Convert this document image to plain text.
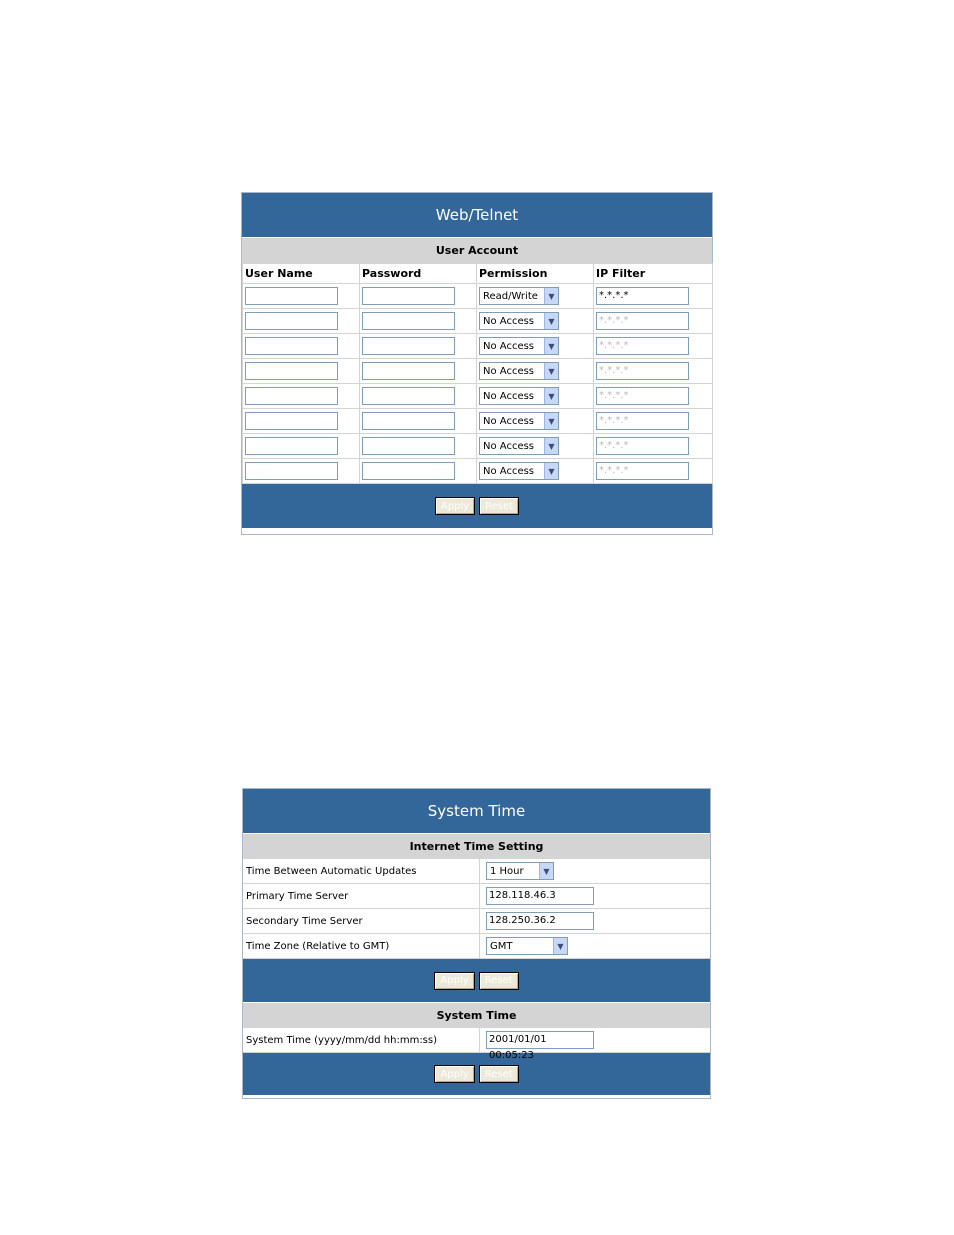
Web/Telnet
User Account
User Name	Password	Permission	IP Filter

		Read/Write ▼	*.*.*.*

		No Access ▼	*.*.*.*

		No Access ▼	*.*.*.*

		No Access ▼	*.*.*.*

		No Access ▼	*.*.*.*

		No Access ▼	*.*.*.*

		No Access ▼	*.*.*.*

		No Access ▼	*.*.*.*
Apply	Reset
System Time
Internet Time Setting
Time Between Automatic Updates	1 Hour	▼
Primary Time Server	128.118.46.3
Secondary Time Server	128.250.36.2
Time Zone (Relative to GMT)	GMT	▼
Apply	Reset
System Time
System Time (yyyy/mm/dd hh:mm:ss)	2001/01/01 00:05:23
Apply	Reset
